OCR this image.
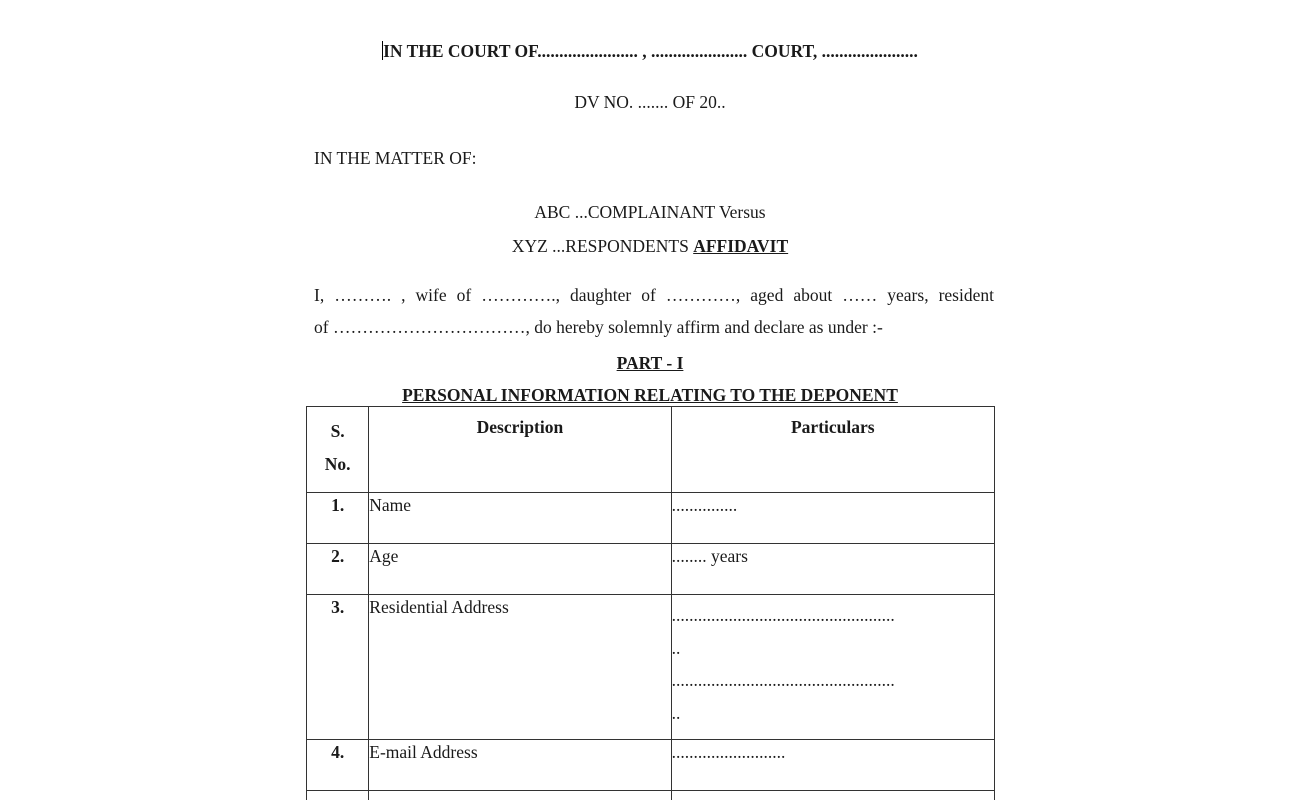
IN THE COURT OF....................... , ...................... COURT, ......................
DV NO. ....... OF 20..
IN THE MATTER OF:
ABC ...COMPLAINANT Versus
XYZ ...RESPONDENTS AFFIDAVIT
I, ………. , wife of …………., daughter of …………, aged about …… years, resident
of ……………………………, do hereby solemnly affirm and declare as under :-
PART - I
PERSONAL INFORMATION RELATING TO THE DEPONENT
S.
No.	Description	Particulars
1.	Name	...............

2.	Age	........ years

3.	Residential Address	...................................................
..
...................................................
..

4.	E-mail Address	..........................
